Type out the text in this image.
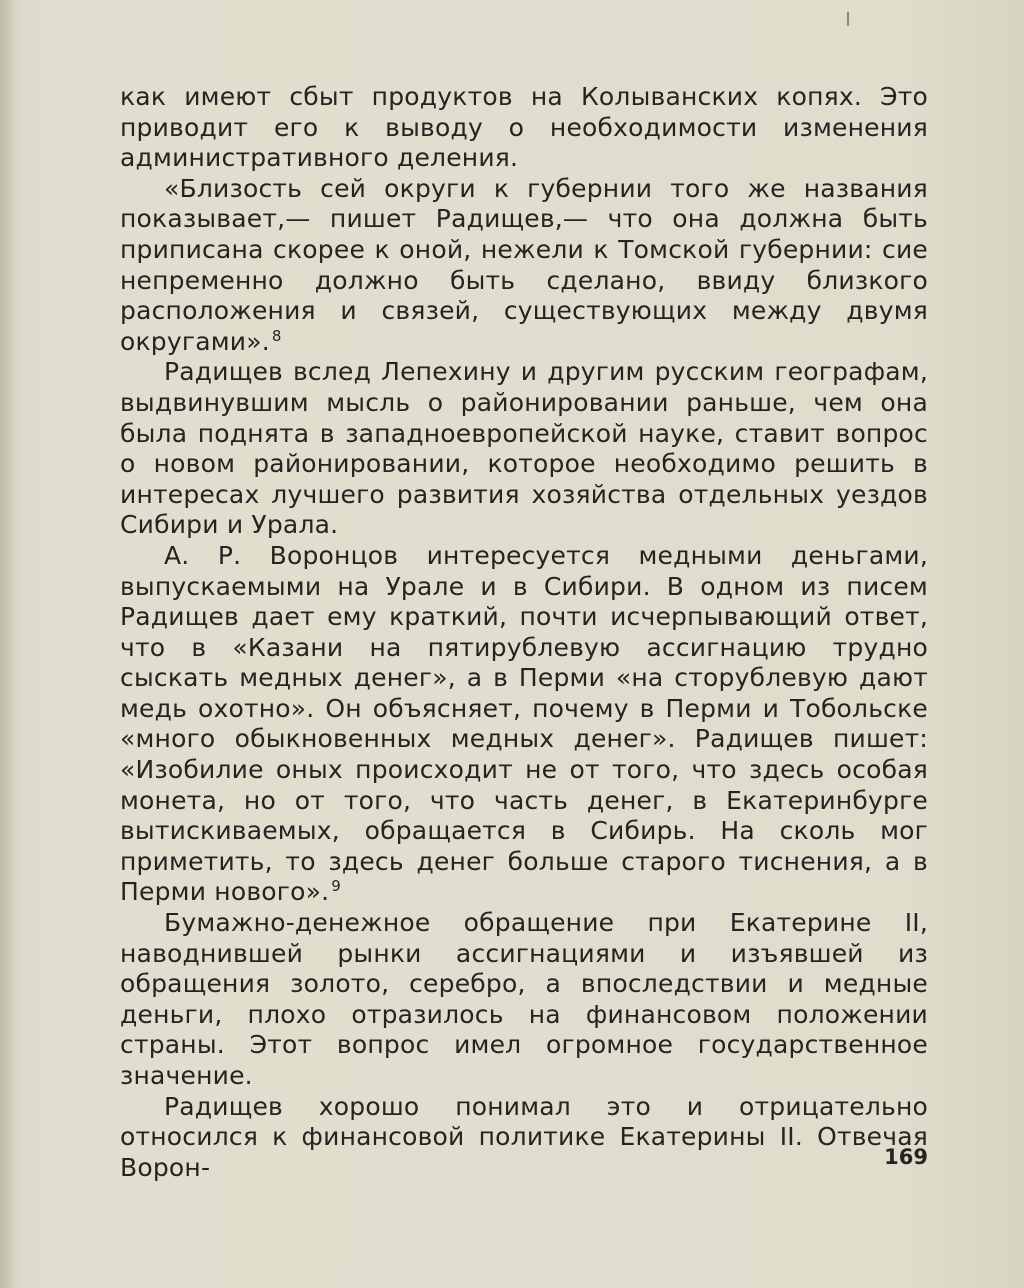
как имеют сбыт продуктов на Колыванских копях. Это приводит его к выводу о необходимости изменения административного деления.

«Близость сей округи к губернии того же названия показывает,— пишет Радищев,— что она должна быть приписана скорее к оной, нежели к Томской губернии: сие непременно должно быть сделано, ввиду близкого расположения и связей, существующих между двумя округами». $^8$

Радищев вслед Лепехину и другим русским географам, выдвинувшим мысль о районировании раньше, чем она была поднята в западноевропейской науке, ставит вопрос о новом районировании, которое необходимо решить в интересах лучшего развития хозяйства отдельных уездов Сибири и Урала.

А. Р. Воронцов интересуется медными деньгами, выпускаемыми на Урале и в Сибири. В одном из писем Радищев дает ему краткий, почти исчерпывающий ответ, что в «Казани на пятирублевую ассигнацию трудно сыскать медных денег», а в Перми «на сторублевую дают медь охотно». Он объясняет, почему в Перми и Тобольске «много обыкновенных медных денег». Радищев пишет: «Изобилие оных происходит не от того, что здесь особая монета, но от того, что часть денег, в Екатеринбурге вытискиваемых, обращается в Сибирь. На сколь мог приметить, то здесь денег больше старого тиснения, а в Перми нового». $^9$

Бумажно-денежное обращение при Екатерине II, наводнившей рынки ассигнациями и изъявшей из обращения золото, серебро, а впоследствии и медные деньги, плохо отразилось на финансовом положении страны. Этот вопрос имел огромное государственное значение.

Радищев хорошо понимал это и отрицательно относился к финансовой политике Екатерины II. Отвечая Ворон-	169
